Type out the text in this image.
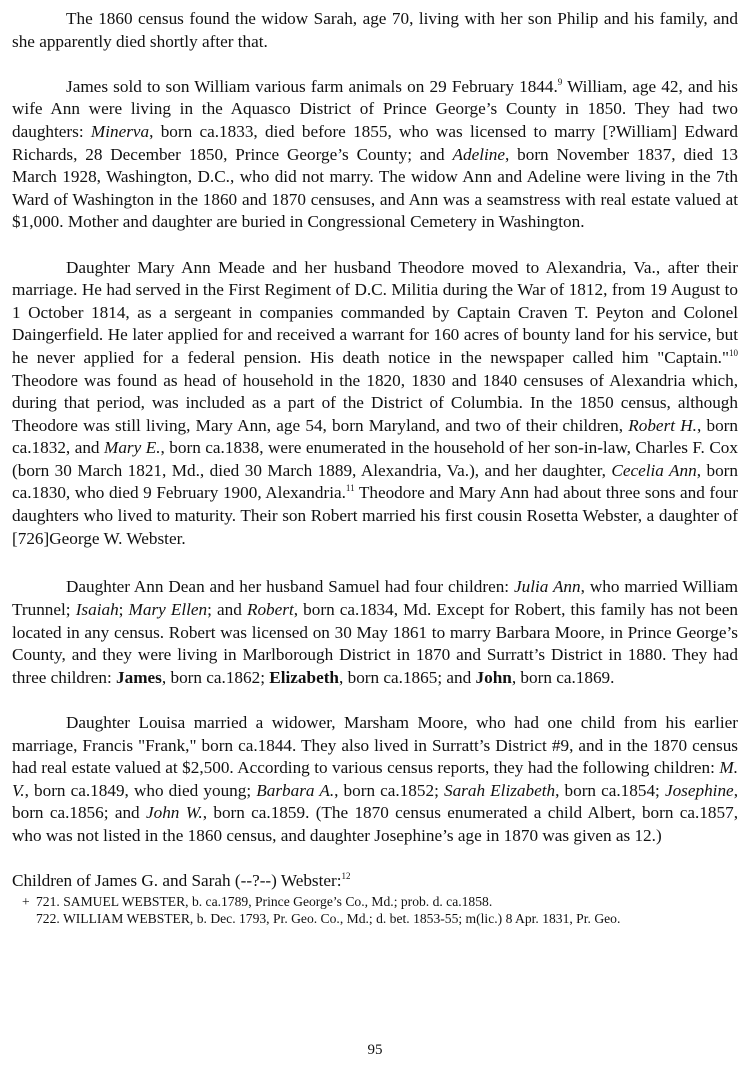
The 1860 census found the widow Sarah, age 70, living with her son Philip and his family, and she apparently died shortly after that.

James sold to son William various farm animals on 29 February 1844.$^9$ William, age 42, and his wife Ann were living in the Aquasco District of Prince George’s County in 1850. They had two daughters: Minerva, born ca.1833, died before 1855, who was licensed to marry [?William] Edward Richards, 28 December 1850, Prince George’s County; and Adeline, born November 1837, died 13 March 1928, Washington, D.C., who did not marry. The widow Ann and Adeline were living in the 7th Ward of Washington in the 1860 and 1870 censuses, and Ann was a seamstress with real estate valued at $1,000. Mother and daughter are buried in Congressional Cemetery in Washington.

Daughter Mary Ann Meade and her husband Theodore moved to Alexandria, Va., after their marriage. He had served in the First Regiment of D.C. Militia during the War of 1812, from 19 August to 1 October 1814, as a sergeant in companies commanded by Captain Craven T. Peyton and Colonel Daingerfield. He later applied for and received a warrant for 160 acres of bounty land for his service, but he never applied for a federal pension. His death notice in the newspaper called him "Captain."$^{10}$ Theodore was found as head of household in the 1820, 1830 and 1840 censuses of Alexandria which, during that period, was included as a part of the District of Columbia. In the 1850 census, although Theodore was still living, Mary Ann, age 54, born Maryland, and two of their children, Robert H., born ca.1832, and Mary E., born ca.1838, were enumerated in the household of her son-in-law, Charles F. Cox (born 30 March 1821, Md., died 30 March 1889, Alexandria, Va.), and her daughter, Cecelia Ann, born ca.1830, who died 9 February 1900, Alexandria.$^{11}$ Theodore and Mary Ann had about three sons and four daughters who lived to maturity. Their son Robert married his first cousin Rosetta Webster, a daughter of [726]George W. Webster.

Daughter Ann Dean and her husband Samuel had four children: Julia Ann, who married William Trunnel; Isaiah; Mary Ellen; and Robert, born ca.1834, Md. Except for Robert, this family has not been located in any census. Robert was licensed on 30 May 1861 to marry Barbara Moore, in Prince George’s County, and they were living in Marlborough District in 1870 and Surratt’s District in 1880. They had three children: James, born ca.1862; Elizabeth, born ca.1865; and John, born ca.1869.

Daughter Louisa married a widower, Marsham Moore, who had one child from his earlier marriage, Francis "Frank," born ca.1844. They also lived in Surratt’s District #9, and in the 1870 census had real estate valued at $2,500. According to various census reports, they had the following children: M. V., born ca.1849, who died young; Barbara A., born ca.1852; Sarah Elizabeth, born ca.1854; Josephine, born ca.1856; and John W., born ca.1859. (The 1870 census enumerated a child Albert, born ca.1857, who was not listed in the 1860 census, and daughter Josephine’s age in 1870 was given as 12.)

Children of James G. and Sarah (--?--) Webster:$^{12}$

+ 721. SAMUEL WEBSTER, b. ca.1789, Prince George’s Co., Md.; prob. d. ca.1858.
722. WILLIAM WEBSTER, b. Dec. 1793, Pr. Geo. Co., Md.; d. bet. 1853-55; m(lic.) 8 Apr. 1831, Pr. Geo.
95
